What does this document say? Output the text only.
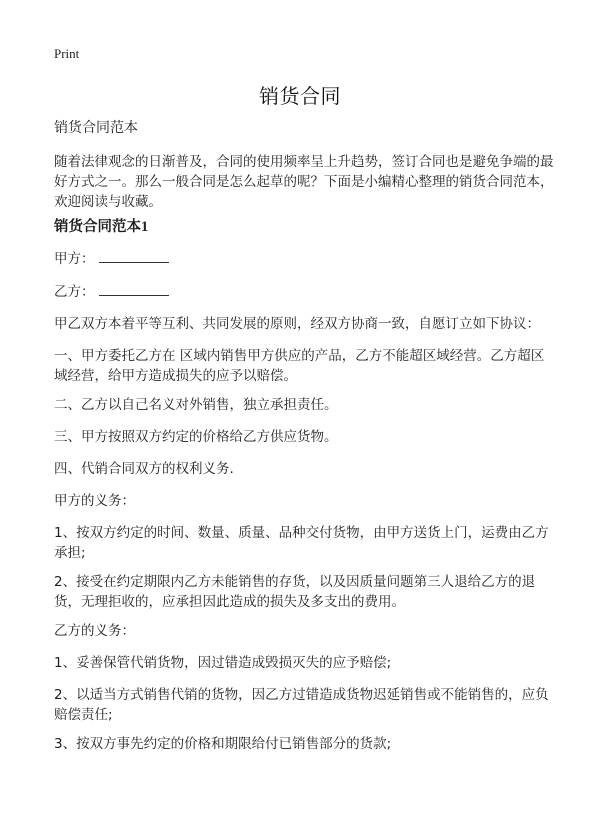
Print
销货合同

销货合同范本

随着法律观念的日渐普及，合同的使用频率呈上升趋势，签订合同也是避免争端的最好方式之一。那么一般合同是怎么起草的呢？下面是小编精心整理的销货合同范本，欢迎阅读与收藏。

销货合同范本1

甲方：
乙方：

甲乙双方本着平等互利、共同发展的原则，经双方协商一致，自愿订立如下协议：

一、甲方委托乙方在 区域内销售甲方供应的产品，乙方不能超区域经营。乙方超区域经营，给甲方造成损失的应予以赔偿。

二、乙方以自己名义对外销售，独立承担责任。

三、甲方按照双方约定的价格给乙方供应货物。

四、代销合同双方的权利义务.

甲方的义务：

1、按双方约定的时间、数量、质量、品种交付货物，由甲方送货上门，运费由乙方承担;

2、接受在约定期限内乙方未能销售的存货，以及因质量问题第三人退给乙方的退货，无理拒收的，应承担因此造成的损失及多支出的费用。

乙方的义务：

1、妥善保管代销货物，因过错造成毁损灭失的应予赔偿;

2、以适当方式销售代销的货物，因乙方过错造成货物迟延销售或不能销售的，应负赔偿责任;

3、按双方事先约定的价格和期限给付已销售部分的货款;
